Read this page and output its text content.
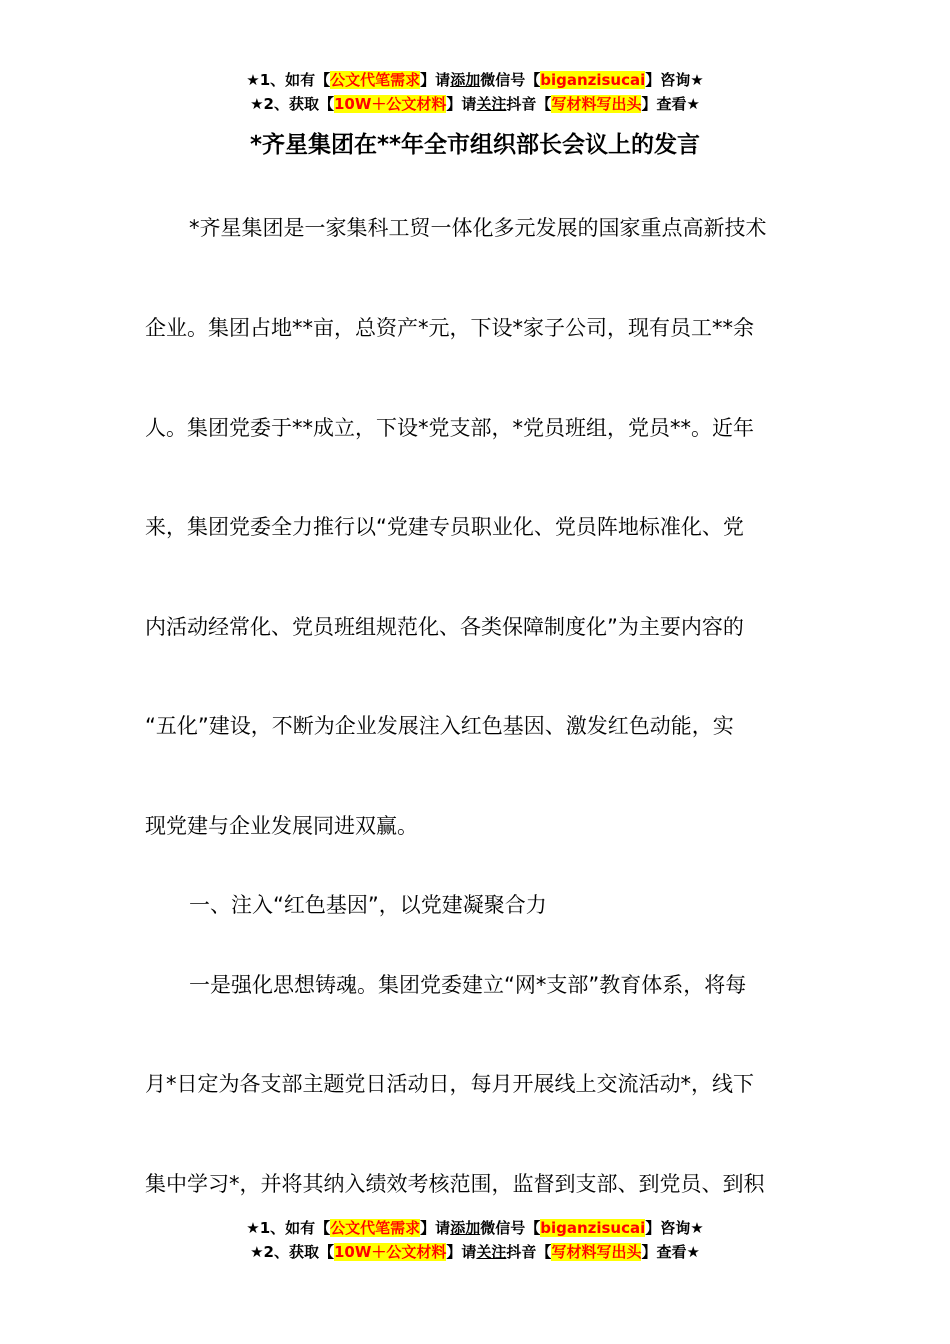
★1、如有【公文代笔需求】请添加微信号【biganzisucai】咨询★
★2、获取【10W＋公文材料】请关注抖音【写材料写出头】查看★
*齐星集团在**年全市组织部长会议上的发言
*齐星集团是一家集科工贸一体化多元发展的国家重点高新技术
企业。集团占地**亩，总资产*元，下设*家子公司，现有员工**余
人。集团党委于**成立，下设*党支部，*党员班组，党员**。近年
来，集团党委全力推行以“党建专员职业化、党员阵地标准化、党
内活动经常化、党员班组规范化、各类保障制度化”为主要内容的
“五化”建设，不断为企业发展注入红色基因、激发红色动能，实
现党建与企业发展同进双赢。
一、注入“红色基因”，以党建凝聚合力
一是强化思想铸魂。集团党委建立“网*支部”教育体系，将每
月*日定为各支部主题党日活动日，每月开展线上交流活动*，线下
集中学习*，并将其纳入绩效考核范围，监督到支部、到党员、到积
★1、如有【公文代笔需求】请添加微信号【biganzisucai】咨询★
★2、获取【10W＋公文材料】请关注抖音【写材料写出头】查看★
